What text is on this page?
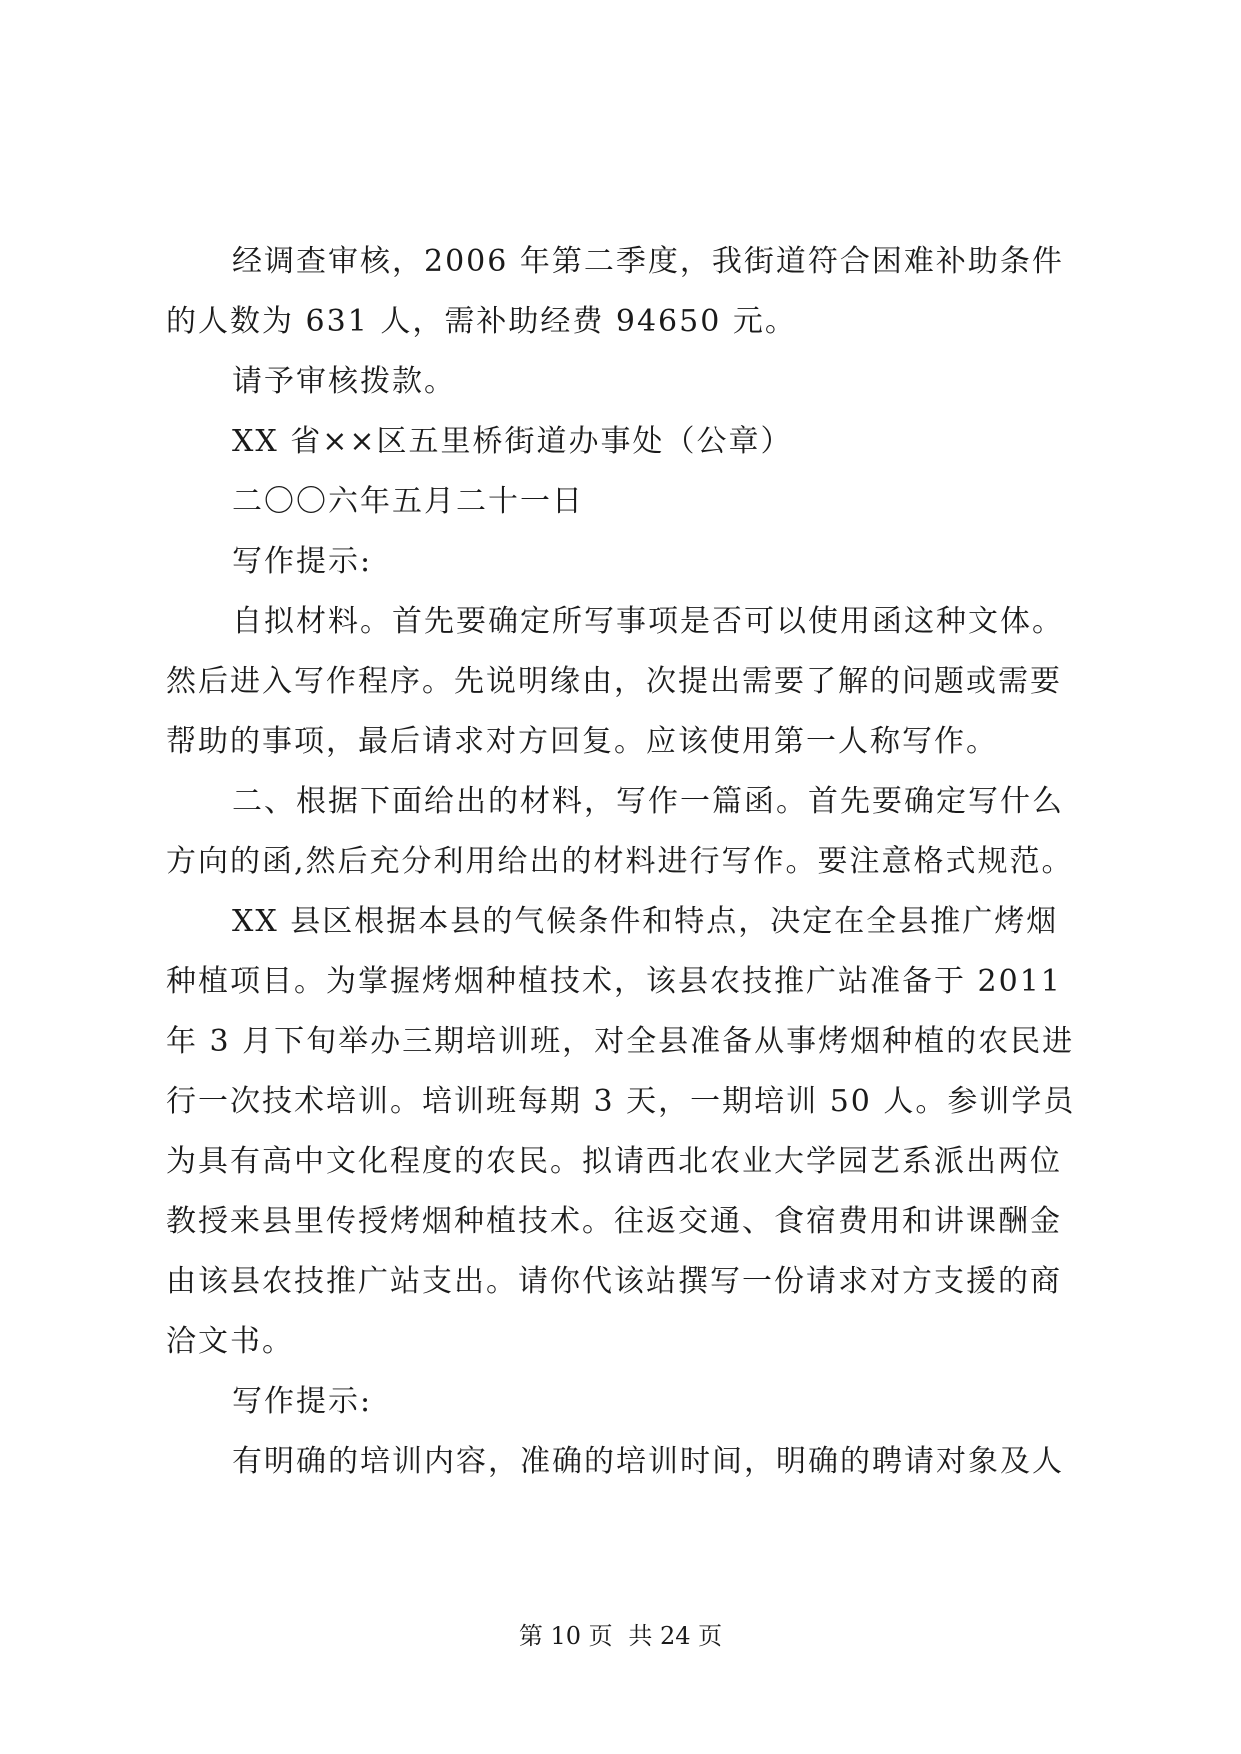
经调查审核，2006 年第二季度，我街道符合困难补助条件
的人数为 631 人，需补助经费 94650 元。
请予审核拨款。
XX 省××区五里桥街道办事处（公章）
二〇〇六年五月二十一日
写作提示:
自拟材料。首先要确定所写事项是否可以使用函这种文体。
然后进入写作程序。先说明缘由，次提出需要了解的问题或需要
帮助的事项，最后请求对方回复。应该使用第一人称写作。
二、根据下面给出的材料，写作一篇函。首先要确定写什么
方向的函,然后充分利用给出的材料进行写作。要注意格式规范。
XX 县区根据本县的气候条件和特点，决定在全县推广烤烟
种植项目。为掌握烤烟种植技术，该县农技推广站准备于 2011
年 3 月下旬举办三期培训班，对全县准备从事烤烟种植的农民进
行一次技术培训。培训班每期 3 天，一期培训 50 人。参训学员
为具有高中文化程度的农民。拟请西北农业大学园艺系派出两位
教授来县里传授烤烟种植技术。往返交通、食宿费用和讲课酬金
由该县农技推广站支出。请你代该站撰写一份请求对方支援的商
洽文书。
写作提示:
有明确的培训内容，准确的培训时间，明确的聘请对象及人
第 10 页 共 24 页
